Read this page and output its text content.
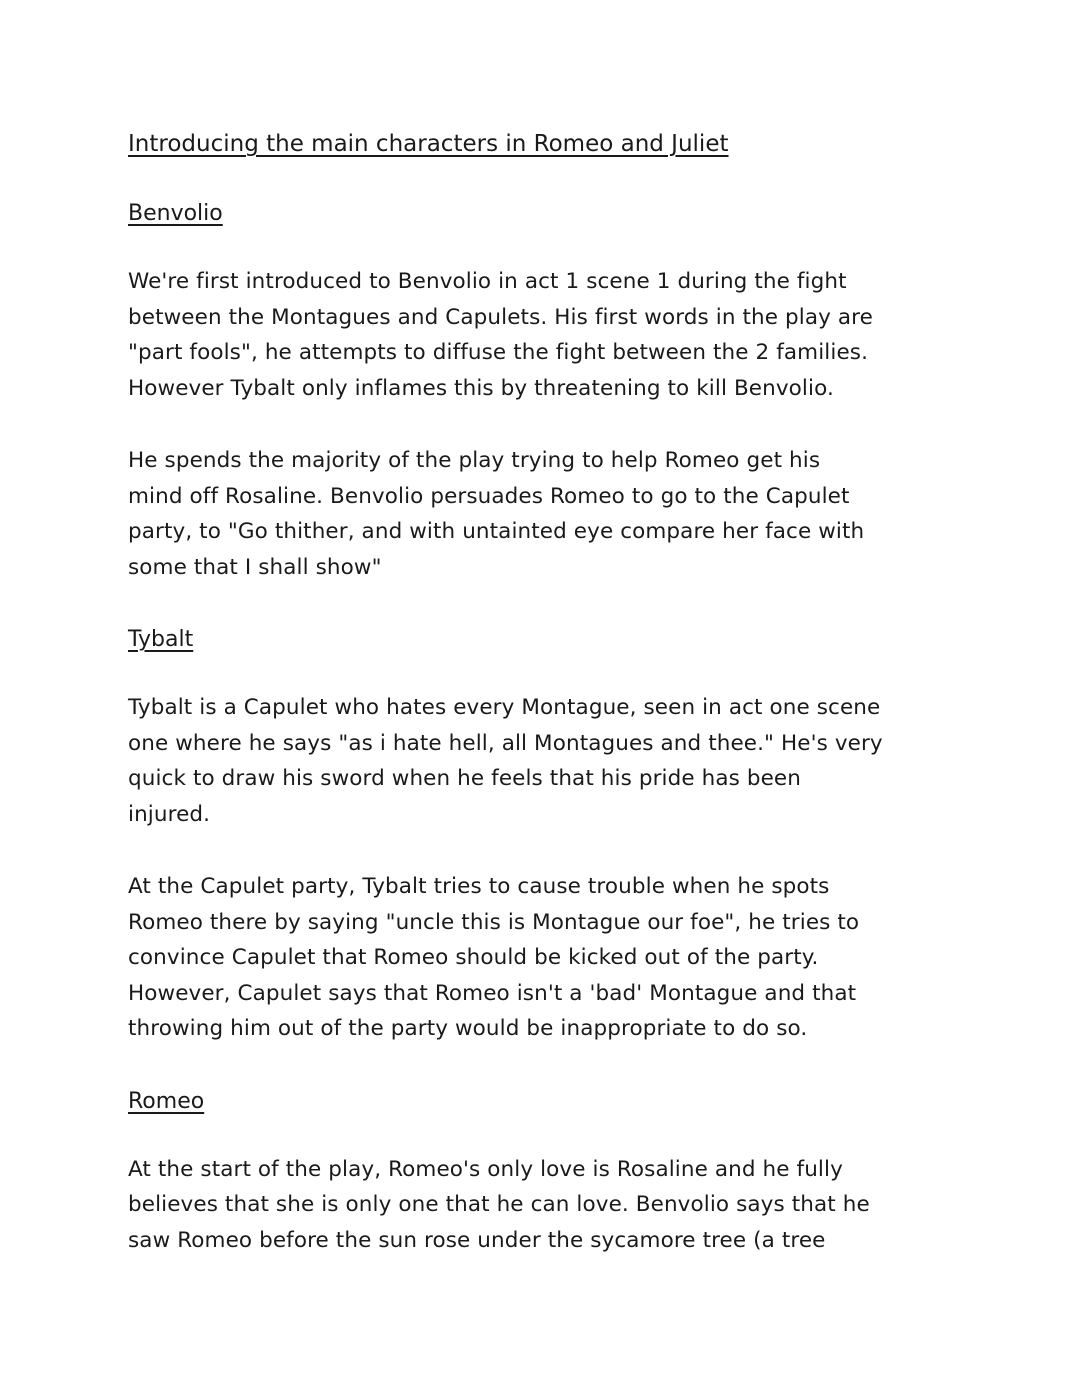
Introducing the main characters in Romeo and Juliet
Benvolio

We're first introduced to Benvolio in act 1 scene 1 during the fight
between the Montagues and Capulets. His first words in the play are
"part fools", he attempts to diffuse the fight between the 2 families.
However Tybalt only inflames this by threatening to kill Benvolio.

He spends the majority of the play trying to help Romeo get his
mind off Rosaline. Benvolio persuades Romeo to go to the Capulet
party, to "Go thither, and with untainted eye compare her face with
some that I shall show"

Tybalt

Tybalt is a Capulet who hates every Montague, seen in act one scene
one where he says "as i hate hell, all Montagues and thee." He's very
quick to draw his sword when he feels that his pride has been
injured.

At the Capulet party, Tybalt tries to cause trouble when he spots
Romeo there by saying "uncle this is Montague our foe", he tries to
convince Capulet that Romeo should be kicked out of the party.
However, Capulet says that Romeo isn't a 'bad' Montague and that
throwing him out of the party would be inappropriate to do so.

Romeo

At the start of the play, Romeo's only love is Rosaline and he fully
believes that she is only one that he can love. Benvolio says that he
saw Romeo before the sun rose under the sycamore tree (a tree
